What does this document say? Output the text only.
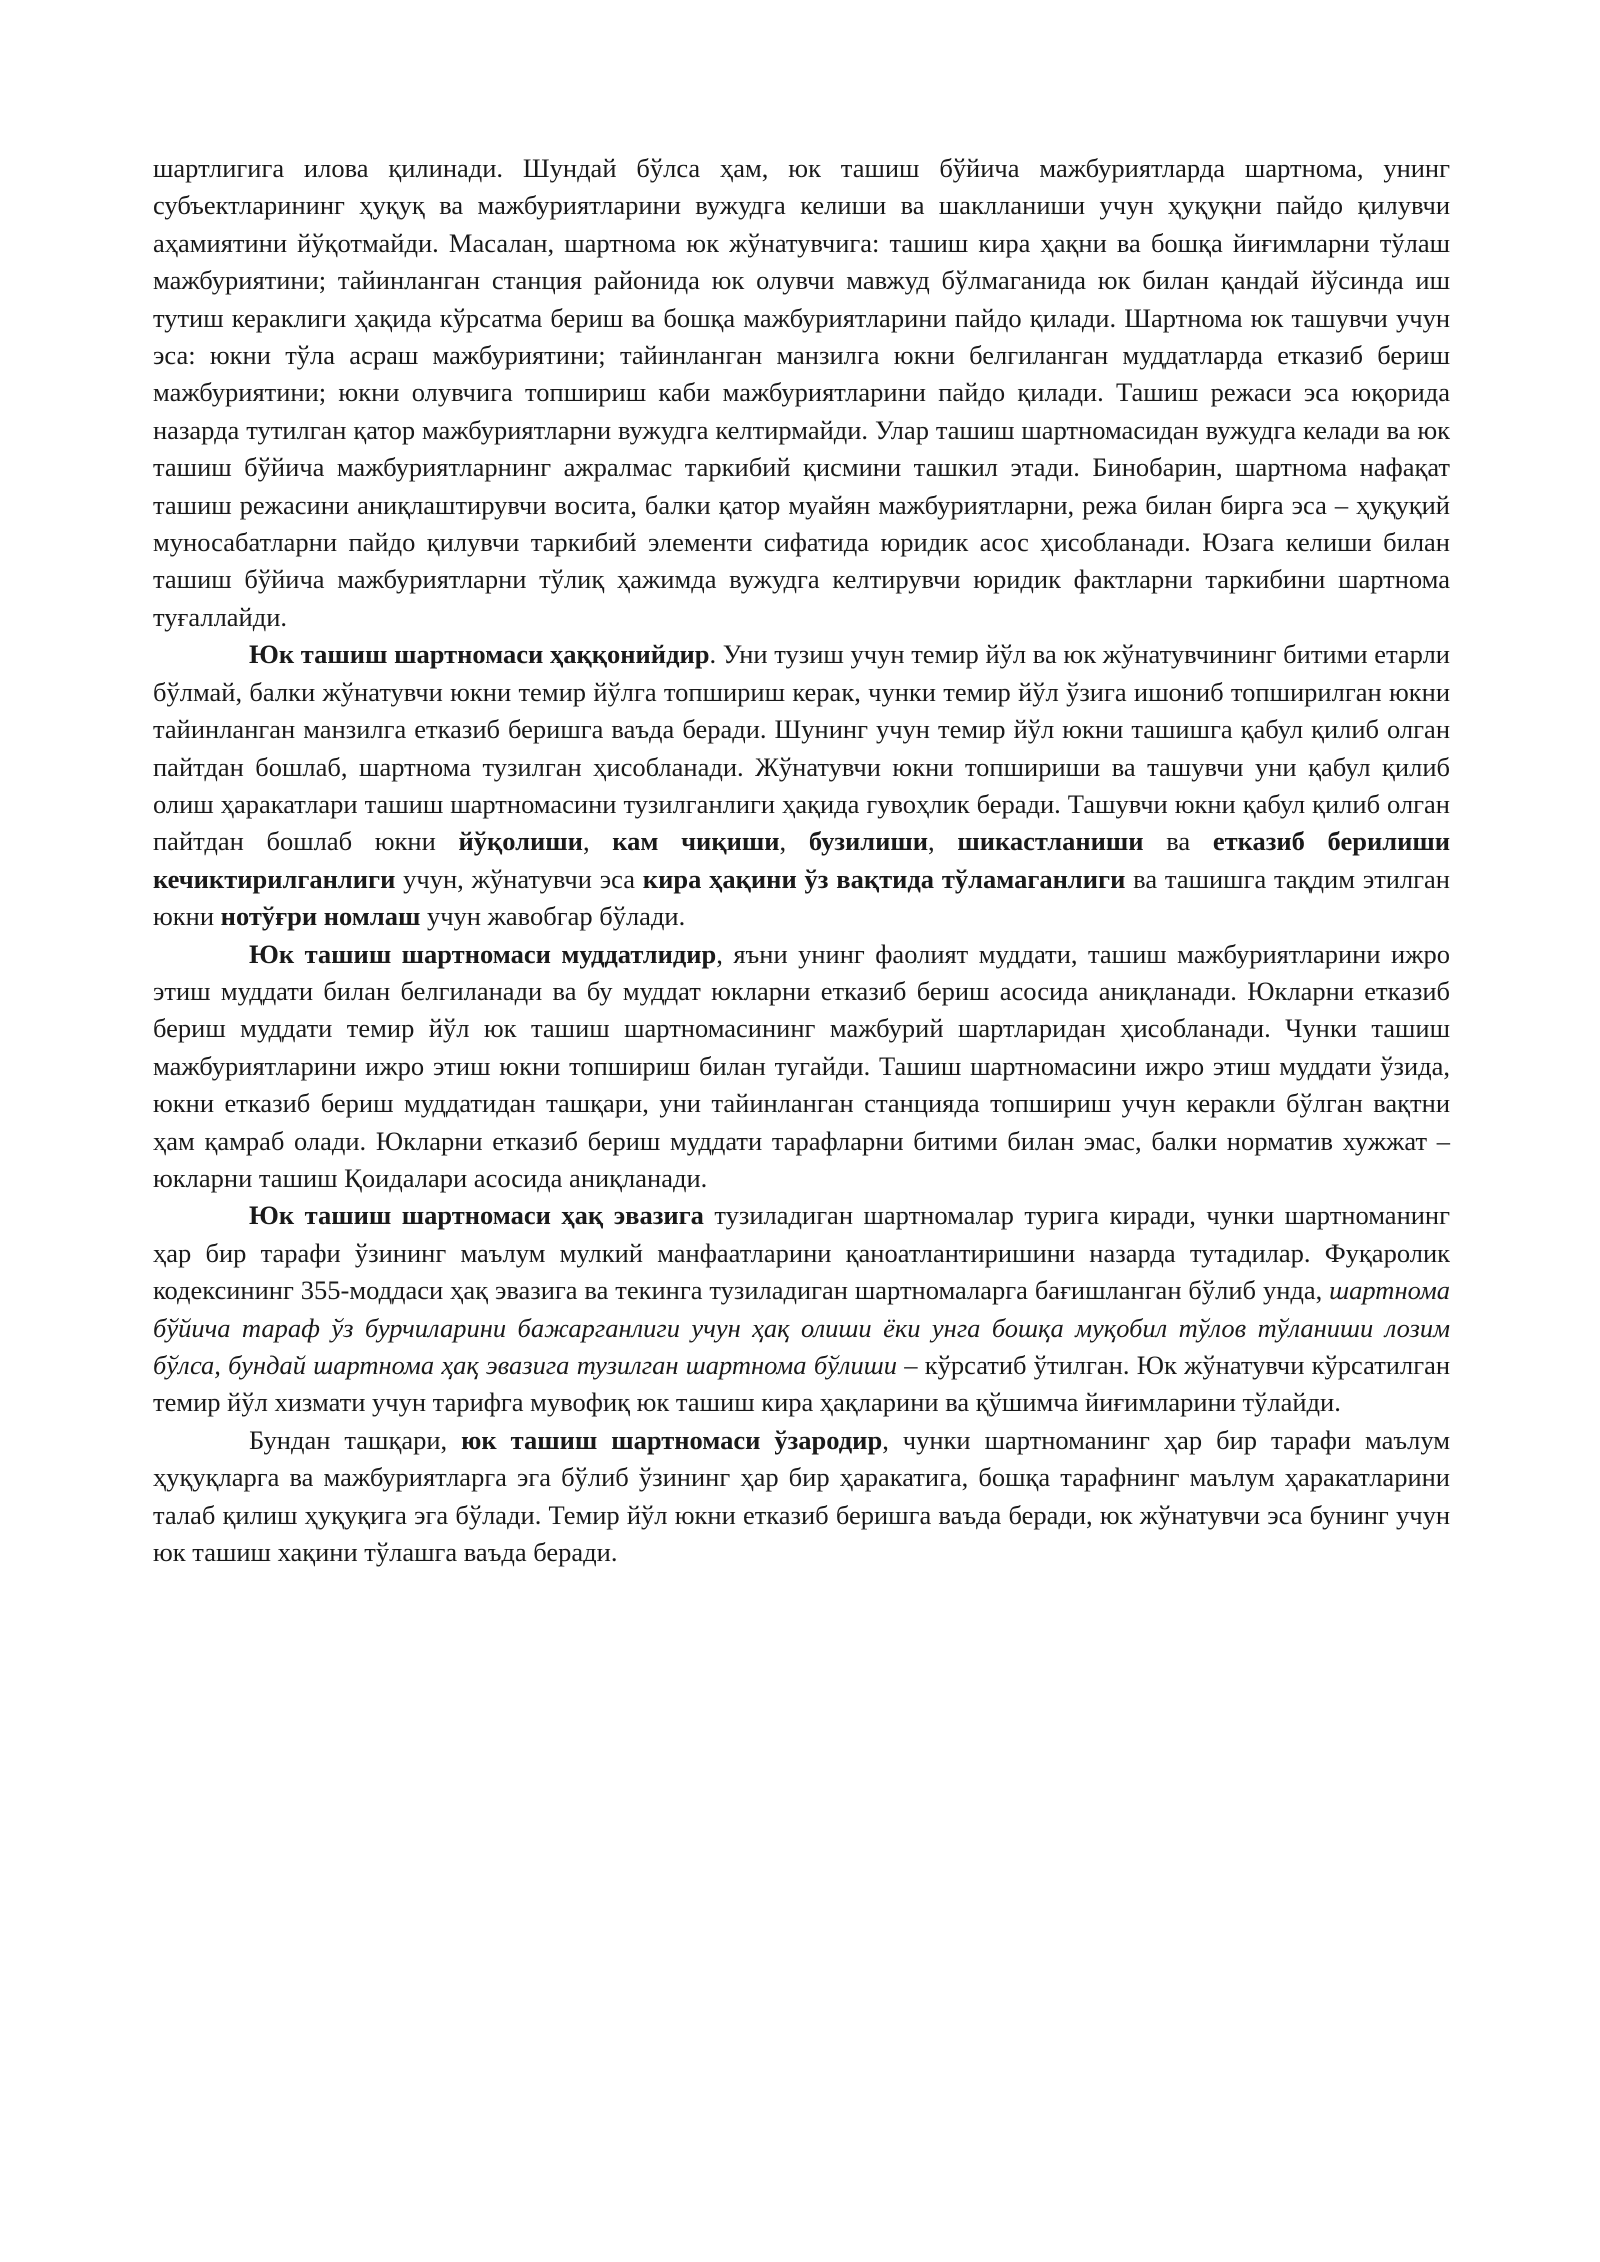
шартлигига илова қилинади. Шундай бўлса ҳам, юк ташиш бўйича мажбуриятларда шартнома, унинг субъектларининг ҳуқуқ ва мажбуриятларини вужудга келиши ва шаклланиши учун ҳуқуқни пайдо қилувчи аҳамиятини йўқотмайди. Масалан, шартнома юк жўнатувчига: ташиш кира ҳақни ва бошқа йиғимларни тўлаш мажбуриятини; тайинланган станция районида юк олувчи мавжуд бўлмаганида юк билан қандай йўсинда иш тутиш кераклиги ҳақида кўрсатма бериш ва бошқа мажбуриятларини пайдо қилади. Шартнома юк ташувчи учун эса: юкни тўла асраш мажбуриятини; тайинланган манзилга юкни белгиланган муддатларда етказиб бериш мажбуриятини; юкни олувчига топшириш каби мажбуриятларини пайдо қилади. Ташиш режаси эса юқорида назарда тутилган қатор мажбуриятларни вужудга келтирмайди. Улар ташиш шартномасидан вужудга келади ва юк ташиш бўйича мажбуриятларнинг ажралмас таркибий қисмини ташкил этади. Бинобарин, шартнома нафақат ташиш режасини аниқлаштирувчи восита, балки қатор муайян мажбуриятларни, режа билан бирга эса – ҳуқуқий муносабатларни пайдо қилувчи таркибий элементи сифатида юридик асос ҳисобланади. Юзага келиши билан ташиш бўйича мажбуриятларни тўлиқ ҳажимда вужудга келтирувчи юридик фактларни таркибини шартнома туғаллайди.

Юк ташиш шартномаси ҳаққонийдир. Уни тузиш учун темир йўл ва юк жўнатувчининг битими етарли бўлмай, балки жўнатувчи юкни темир йўлга топшириш керак, чунки темир йўл ўзига ишониб топширилган юкни тайинланган манзилга етказиб беришга ваъда беради. Шунинг учун темир йўл юкни ташишга қабул қилиб олган пайтдан бошлаб, шартнома тузилган ҳисобланади. Жўнатувчи юкни топшириши ва ташувчи уни қабул қилиб олиш ҳаракатлари ташиш шартномасини тузилганлиги ҳақида гувоҳлик беради. Ташувчи юкни қабул қилиб олган пайтдан бошлаб юкни йўқолиши, кам чиқиши, бузилиши, шикастланиши ва етказиб берилиши кечиктирилганлиги учун, жўнатувчи эса кира ҳақини ўз вақтида тўламаганлиги ва ташишга тақдим этилган юкни нотўғри номлаш учун жавобгар бўлади.

Юк ташиш шартномаси муддатлидир, яъни унинг фаолият муддати, ташиш мажбуриятларини ижро этиш муддати билан белгиланади ва бу муддат юкларни етказиб бериш асосида аниқланади. Юкларни етказиб бериш муддати темир йўл юк ташиш шартномасининг мажбурий шартларидан ҳисобланади. Чунки ташиш мажбуриятларини ижро этиш юкни топшириш билан тугайди. Ташиш шартномасини ижро этиш муддати ўзида, юкни етказиб бериш муддатидан ташқари, уни тайинланган станцияда топшириш учун керакли бўлган вақтни ҳам қамраб олади. Юкларни етказиб бериш муддати тарафларни битими билан эмас, балки норматив хужжат – юкларни ташиш Қоидалари асосида аниқланади.

Юк ташиш шартномаси ҳақ эвазига тузиладиган шартномалар турига киради, чунки шартноманинг ҳар бир тарафи ўзининг маълум мулкий манфаатларини қаноатлантиришини назарда тутадилар. Фуқаролик кодексининг 355-моддаси ҳақ эвазига ва текинга тузиладиган шартномаларга бағишланган бўлиб унда, шартнома бўйича тараф ўз бурчиларини бажарганлиги учун ҳақ олиши ёки унга бошқа муқобил тўлов тўланиши лозим бўлса, бундай шартнома ҳақ эвазига тузилган шартнома бўлиши – кўрсатиб ўтилган. Юк жўнатувчи кўрсатилган темир йўл хизмати учун тарифга мувофиқ юк ташиш кира ҳақларини ва қўшимча йиғимларини тўлайди.

Бундан ташқари, юк ташиш шартномаси ўзародир, чунки шартноманинг ҳар бир тарафи маълум ҳуқуқларга ва мажбуриятларга эга бўлиб ўзининг ҳар бир ҳаракатига, бошқа тарафнинг маълум ҳаракатларини талаб қилиш ҳуқуқига эга бўлади. Темир йўл юкни етказиб беришга ваъда беради, юк жўнатувчи эса бунинг учун юк ташиш хақини тўлашга ваъда беради.
